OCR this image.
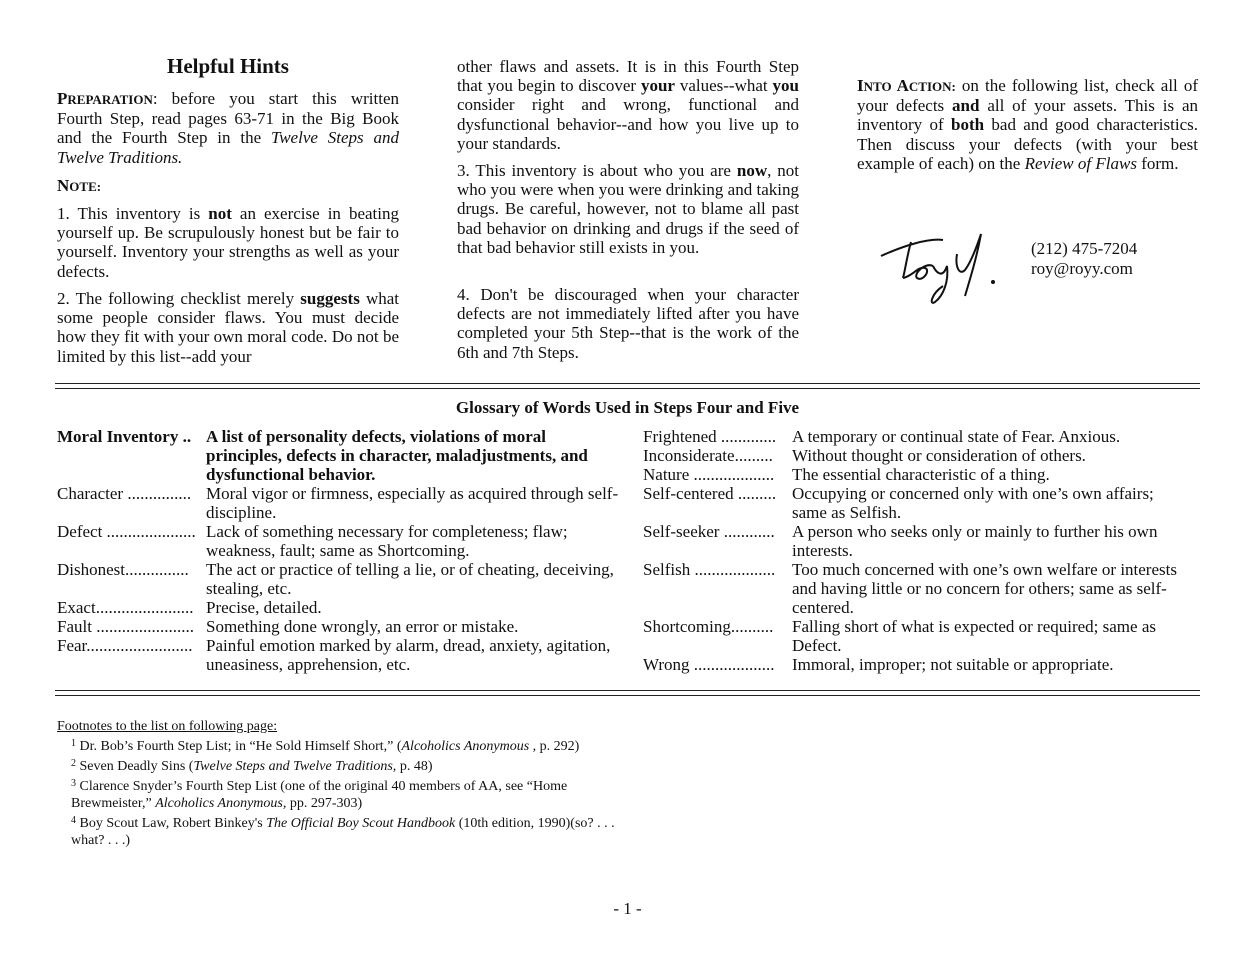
Helpful Hints

PREPARATION: before you start this written Fourth Step, read pages 63-71 in the Big Book and the Fourth Step in the Twelve Steps and Twelve Traditions.

NOTE:

1. This inventory is not an exercise in beating yourself up. Be scrupulously honest but be fair to yourself. Inventory your strengths as well as your defects.

2. The following checklist merely suggests what some people consider flaws. You must decide how they fit with your own moral code. Do not be limited by this list--add your

other flaws and assets. It is in this Fourth Step that you begin to discover your values--what you consider right and wrong, functional and dysfunctional behavior--and how you live up to your standards.

3. This inventory is about who you are now, not who you were when you were drinking and taking drugs. Be careful, however, not to blame all past bad behavior on drinking and drugs if the seed of that bad behavior still exists in you.

4. Don't be discouraged when your character defects are not immediately lifted after you have completed your 5th Step--that is the work of the 6th and 7th Steps.

INTO ACTION: on the following list, check all of your defects and all of your assets. This is an inventory of both bad and good characteristics. Then discuss your defects (with your best example of each) on the Review of Flaws form.

(212) 475-7204
roy@royy.com
Glossary of Words Used in Steps Four and Five
Moral Inventory .. A list of personality defects, violations of moral principles, defects in character, maladjustments, and dysfunctional behavior.
Character ............... Moral vigor or firmness, especially as acquired through self-discipline.
Defect ..................... Lack of something necessary for completeness; flaw; weakness, fault; same as Shortcoming.
Dishonest...............	The act or practice of telling a lie, or of cheating, deceiving, stealing, etc.
Exact....................... Precise, detailed.
Fault ....................... Something done wrongly, an error or mistake.
Fear......................... Painful emotion marked by alarm, dread, anxiety, agitation, uneasiness, apprehension, etc.
Frightened ............. A temporary or continual state of Fear. Anxious.
Inconsiderate.........	Without thought or consideration of others.
Nature ...................	The essential characteristic of a thing.
Self-centered ......... Occupying or concerned only with one’s own affairs; same as Selfish.
Self-seeker ............	A person who seeks only or mainly to further his own interests.
Selfish ................... Too much concerned with one’s own welfare or interests and having little or no concern for others; same as self-centered.
Shortcoming..........	Falling short of what is expected or required; same as Defect.
Wrong ...................	Immoral, improper; not suitable or appropriate.
Footnotes to the list on following page:
$^1$ Dr. Bob’s Fourth Step List; in “He Sold Himself Short,” (Alcoholics Anonymous , p. 292)
$^2$ Seven Deadly Sins (Twelve Steps and Twelve Traditions, p. 48)
$^3$ Clarence Snyder’s Fourth Step List (one of the original 40 members of AA, see “Home Brewmeister,” Alcoholics Anonymous, pp. 297-303)
$^4$ Boy Scout Law, Robert Binkey's The Official Boy Scout Handbook (10th edition, 1990)(so? . . . what? . . .)
- 1 -
